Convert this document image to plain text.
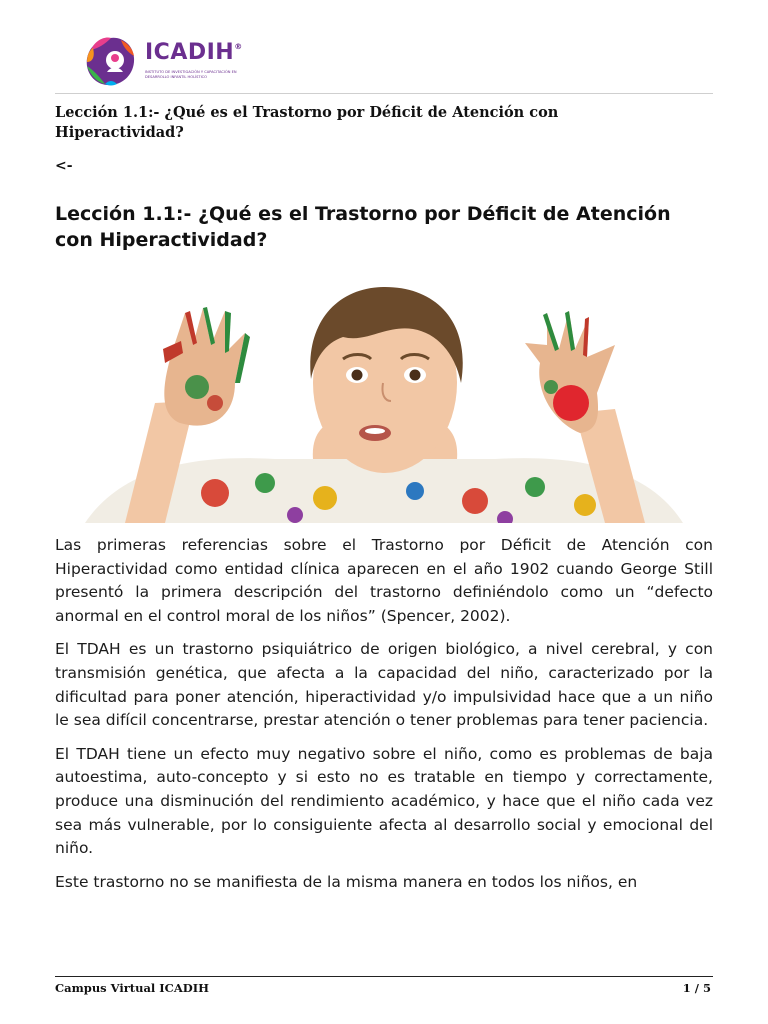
ICADIH®
INSTITUTO DE INVESTIGACIÓN Y CAPACITACIÓN EN DESARROLLO INFANTIL HOLÍSTICO
Lección 1.1:- ¿Qué es el Trastorno por Déficit de Atención con Hiperactividad?
<-
Lección 1.1:- ¿Qué es el Trastorno por Déficit de Atención con Hiperactividad?

Las primeras referencias sobre el Trastorno por Déficit de Atención con Hiperactividad como entidad clínica aparecen en el año 1902 cuando George Still presentó la primera descripción del trastorno definiéndolo como un “defecto anormal en el control moral de los niños” (Spencer, 2002).

El TDAH es un trastorno psiquiátrico de origen biológico, a nivel cerebral, y con transmisión genética, que afecta a la capacidad del niño, caracterizado por la dificultad para poner atención, hiperactividad y/o impulsividad hace que a un niño le sea difícil concentrarse, prestar atención o tener problemas para tener paciencia.

El TDAH tiene un efecto muy negativo sobre el niño, como es problemas de baja autoestima, auto-concepto y si esto no es tratable en tiempo y correctamente, produce una disminución del rendimiento académico, y hace que el niño cada vez sea más vulnerable, por lo consiguiente afecta al desarrollo social y emocional del niño.

Este trastorno no se manifiesta de la misma manera en todos los niños, en

Campus Virtual ICADIH	1 / 5
